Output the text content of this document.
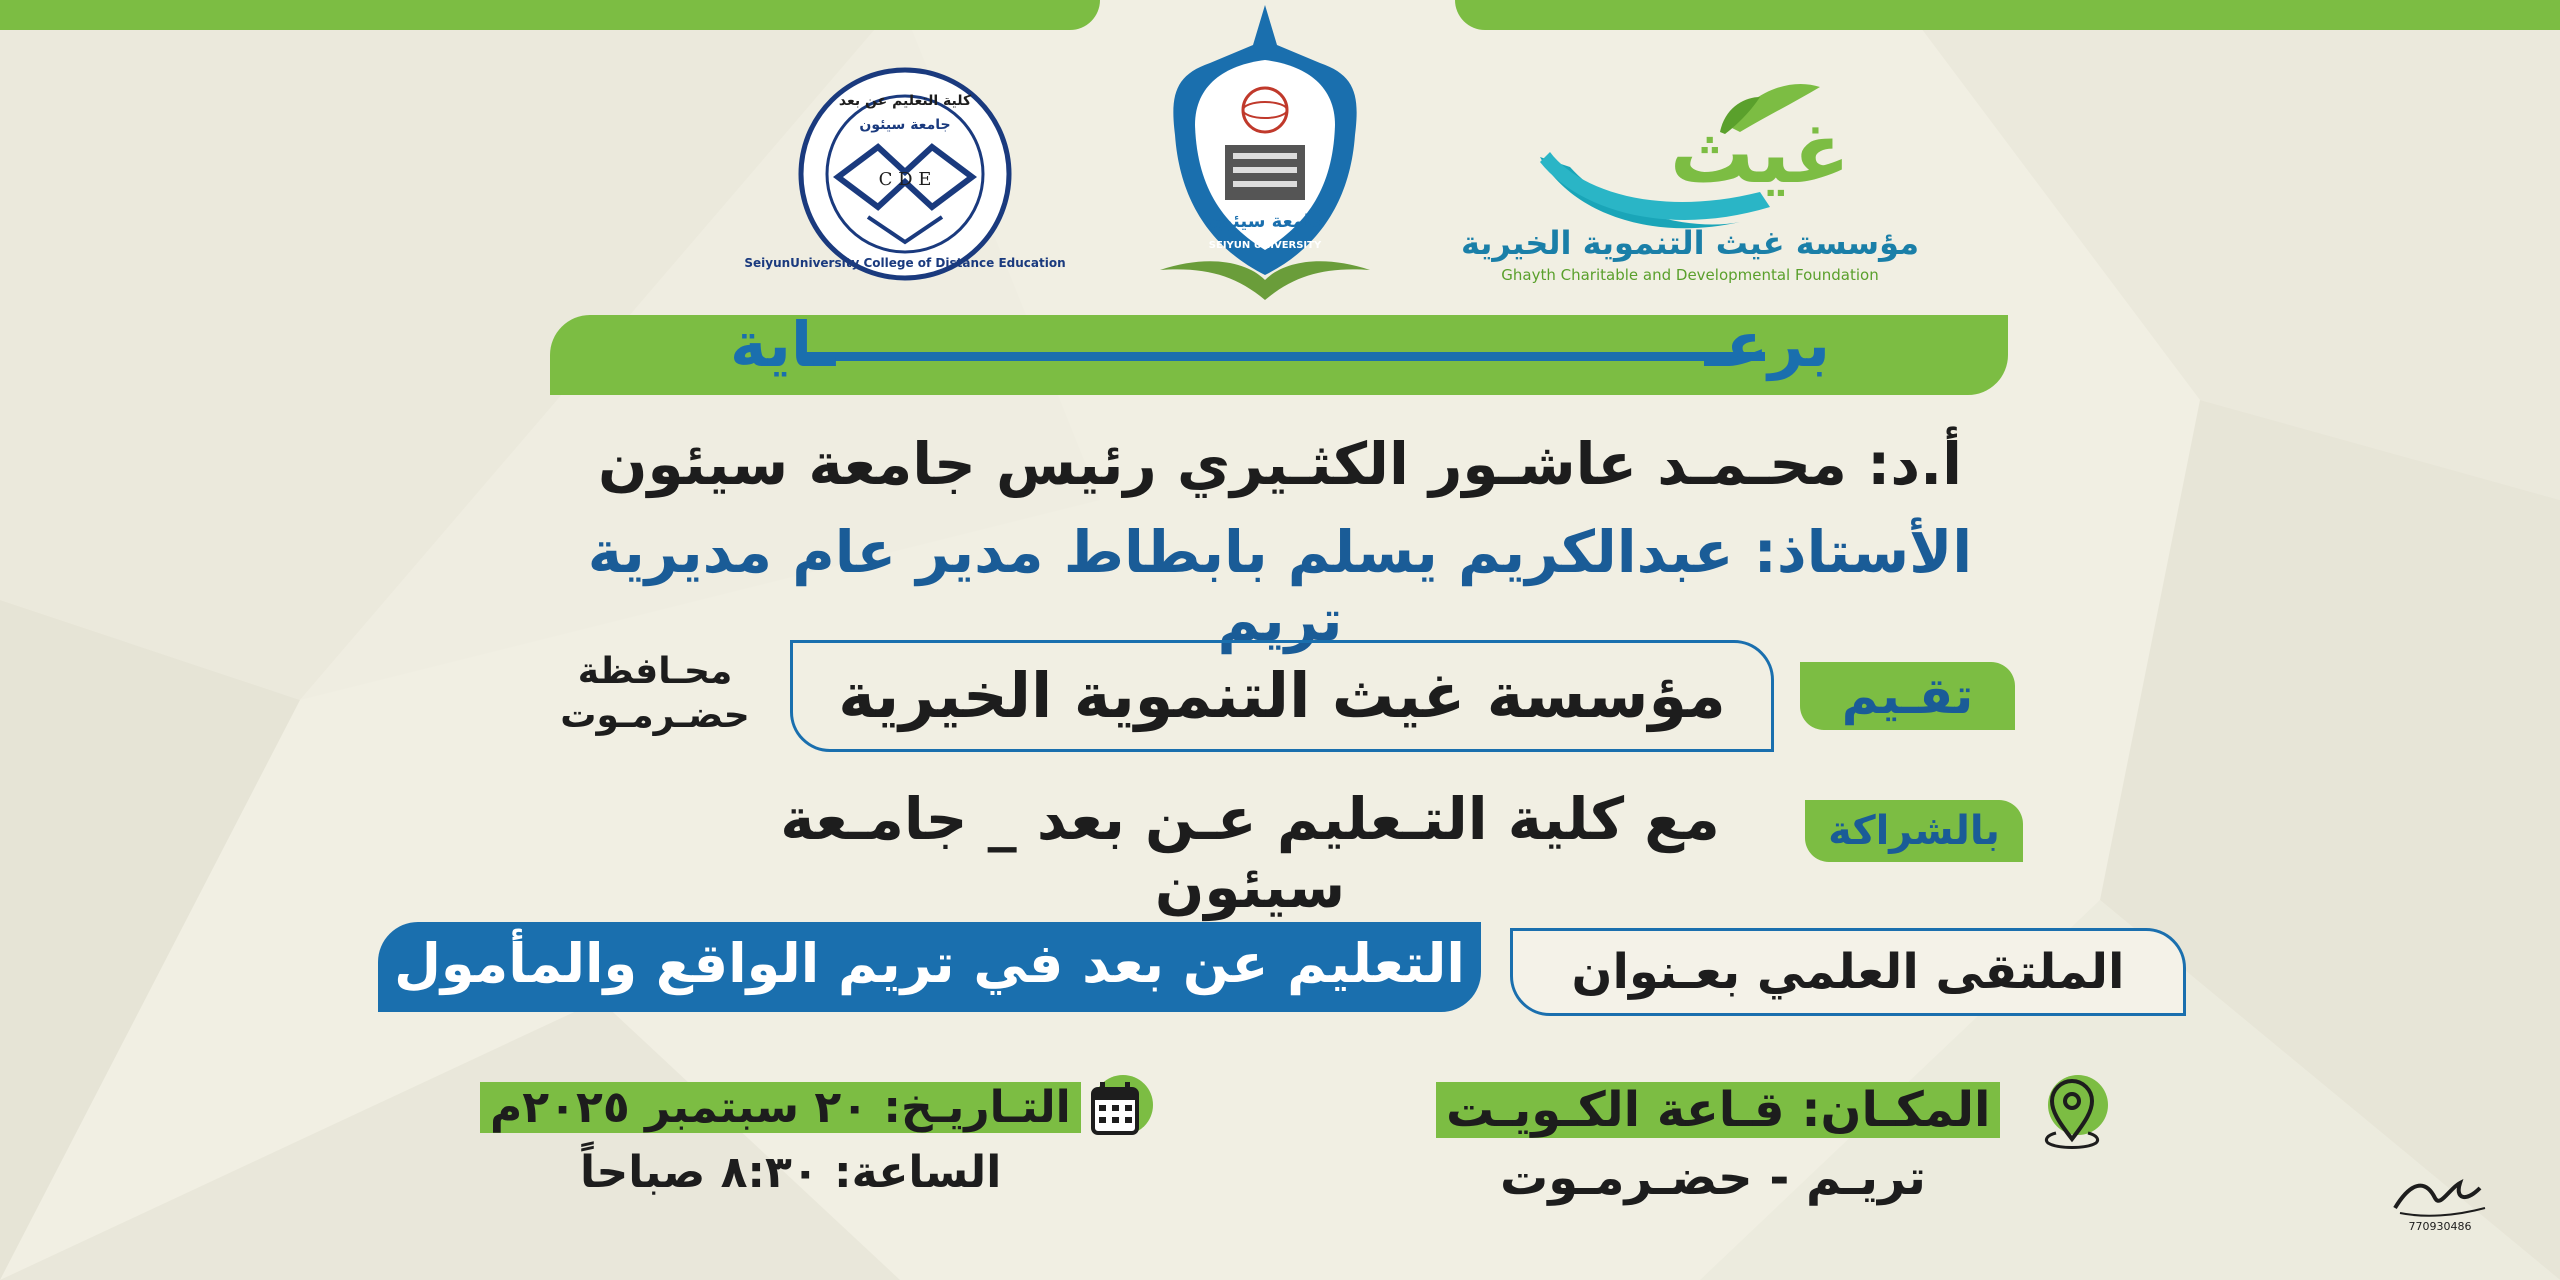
غيث
مؤسسة غيث التنموية الخيرية
Ghayth Charitable and Developmental Foundation
جامعة سيئون
SEIYUN UNIVERSITY
كلية التعليم عن بعد
جامعة سيئون
C D E
SeiyunUniversity College of Distance Education
ـاية	برعـ
أ.د: محـمـد عاشـور الكثـيري رئيس جامعة سيئون
الأستاذ: عبدالكريم يسلم بابطاط مدير عام مديرية تريم
تقـيم
مؤسسة غيث التنموية الخيرية
محـافظة
حضـرمـوت
بالشراكة
مع كلية التـعليم عـن بعد _ جامـعة سيئون
الملتقى العلمي بعـنوان
التعليم عن بعد في تريم الواقع والمأمول
التـاريـخ: ٢٠ سبتمبر ٢٠٢٥م
الساعة: ٨:٣٠ صباحاً
المكـان: قـاعة الكـويـت
تريـم - حضـرمـوت
770930486
